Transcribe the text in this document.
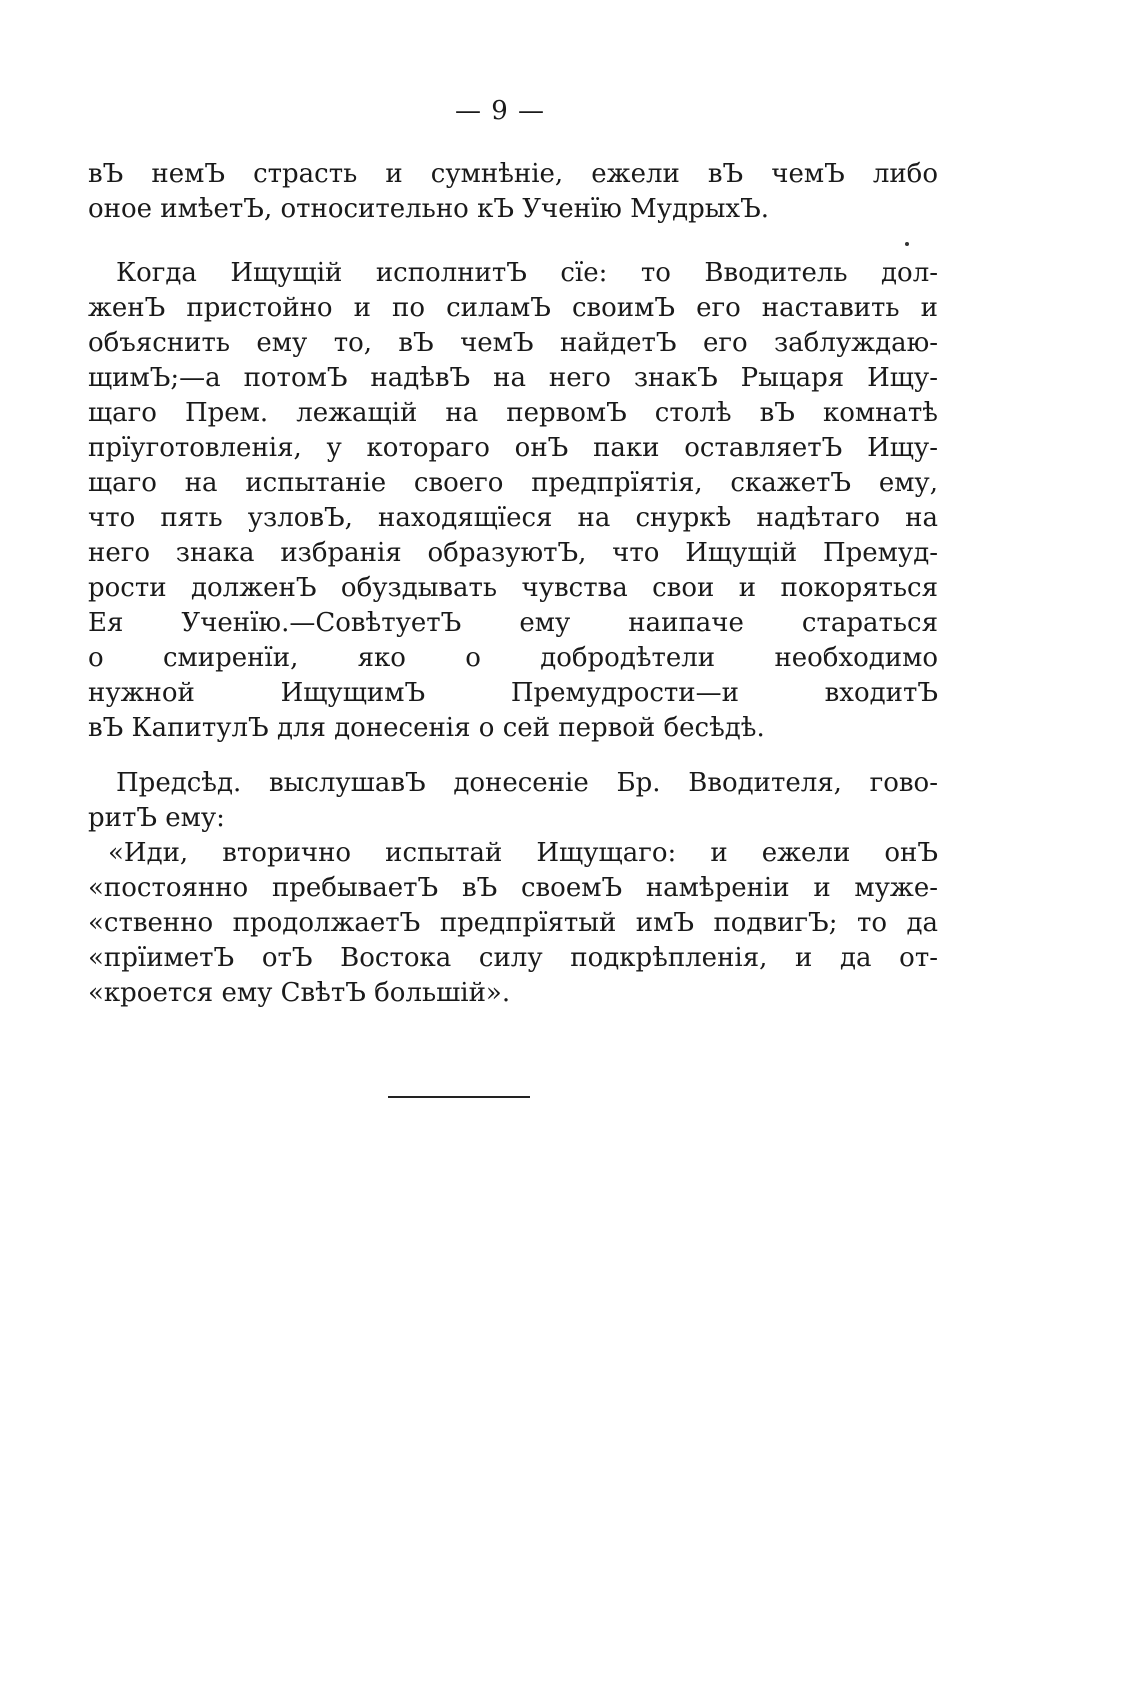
— 9 —
вЪ немЪ страсть и сумнѣніе, ежели вЪ чемЪ либо
оное имѣетЪ, относительно кЪ Ученїю МудрыхЪ.
Когда Ищущій исполнитЪ сїе: то Вводитель дол-
женЪ пристойно и по силамЪ своимЪ его наставить и
объяснить ему то, вЪ чемЪ найдетЪ его заблуждаю-
щимЪ;—а потомЪ надѣвЪ на него знакЪ Рыцаря Ищу-
щаго Прем. лежащій на первомЪ столѣ вЪ комнатѣ
прїуготовленія, у котораго онЪ паки оставляетЪ Ищу-
щаго на испытаніе своего предпрїятія, скажетЪ ему,
что пять узловЪ, находящїеся на снуркѣ надѣтаго на
него знака избранія образуютЪ, что Ищущій Премуд-
рости долженЪ обуздывать чувства свои и покоряться
Ея Ученїю.—СовѣтуетЪ ему наипаче стараться
о смиренїи, яко о добродѣтели необходимо
нужной ИщущимЪ Премудрости—и входитЪ
вЪ КапитулЪ для донесенія о сей первой бесѣдѣ.
Предсѣд. выслушавЪ донесеніе Бр. Вводителя, гово-
ритЪ ему:
«Иди, вторично испытай Ищущаго: и ежели онЪ
«постоянно пребываетЪ вЪ своемЪ намѣреніи и муже-
«ственно продолжаетЪ предпрїятый имЪ подвигЪ; то да
«прїиметЪ отЪ Востока силу подкрѣпленія, и да от-
«кроется ему СвѣтЪ большій».
